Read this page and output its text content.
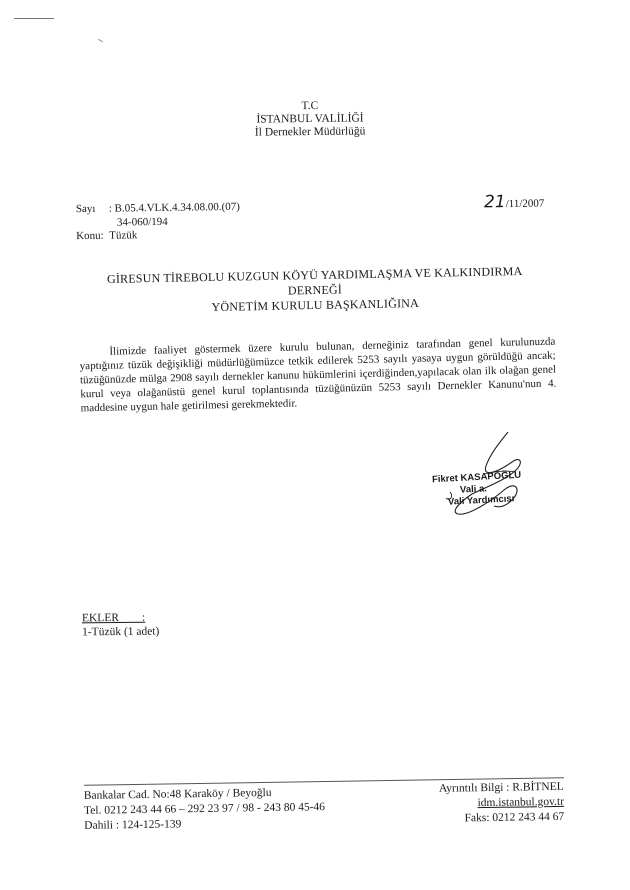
T.C
İSTANBUL VALİLİĞİ
İl Dernekler Müdürlüğü
Sayı : B.05.4.VLK.4.34.08.00.(07)
34-060/194
Konu: Tüzük
21/11/2007
GİRESUN TİREBOLU KUZGUN KÖYÜ YARDIMLAŞMA VE KALKINDIRMA
DERNEĞİ
YÖNETİM KURULU BAŞKANLIĞINA

İlimizde faaliyet göstermek üzere kurulu bulunan, derneğiniz tarafından genel kurulunuzda yaptığınız tüzük değişikliği müdürlüğümüzce tetkik edilerek 5253 sayılı yasaya uygun görüldüğü ancak; tüzüğünüzde mülga 2908 sayılı dernekler kanunu hükümlerini içerdiğinden,yapılacak olan ilk olağan genel kurul veya olağanüstü genel kurul toplantısında tüzüğünüzün 5253 sayılı Dernekler Kanunu'nun 4. maddesine uygun hale getirilmesi gerekmektedir.

Fikret KASAPOĞLU
Vali a.
Vali Yardımcısı
EKLER        :
1-Tüzük (1 adet)
Bankalar Cad. No:48 Karaköy / Beyoğlu
Tel. 0212 243 44 66 – 292 23 97 / 98 - 243 80 45-46
Dahili : 124-125-139
Ayrıntılı Bilgi : R.BİTNEL
idm.istanbul.gov.tr
Faks: 0212 243 44 67
